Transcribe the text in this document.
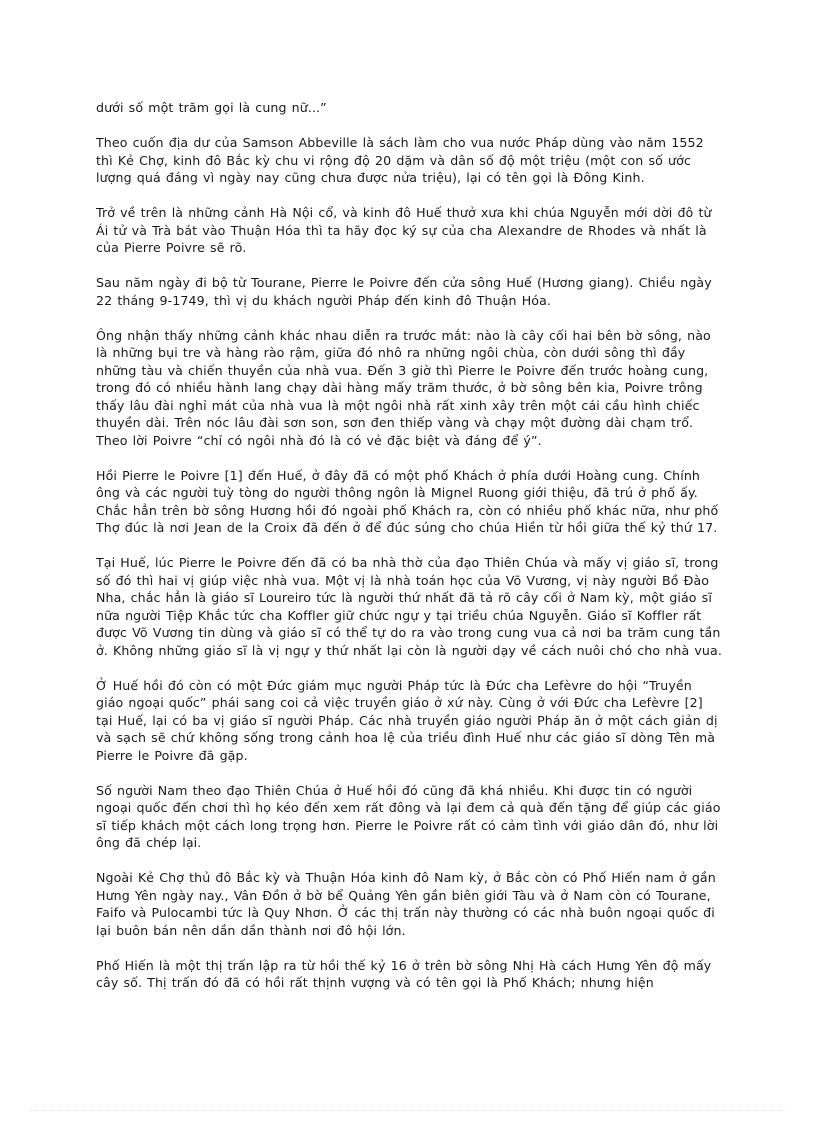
dưới số một trăm gọi là cung nữ...”

Theo cuốn địa dư của Samson Abbeville là sách làm cho vua nước Pháp dùng vào năm 1552 thì Kẻ Chợ, kinh đô Bắc kỳ chu vi rộng độ 20 dặm và dân số độ một triệu (một con số ước lượng quá đáng vì ngày nay cũng chưa được nửa triệu), lại có tên gọi là Đông Kinh.

Trở về trên là những cảnh Hà Nội cổ, và kinh đô Huế thưở xưa khi chúa Nguyễn mới dời đô từ Ái tử và Trà bát vào Thuận Hóa thì ta hãy đọc ký sự của cha Alexandre de Rhodes và nhất là của Pierre Poivre sẽ rõ.

Sau năm ngày đi bộ từ Tourane, Pierre le Poivre đến cửa sông Huế (Hương giang). Chiều ngày 22 tháng 9-1749, thì vị du khách người Pháp đến kinh đô Thuận Hóa.

Ông nhận thấy những cảnh khác nhau diễn ra trước mắt: nào là cây cối hai bên bờ sông, nào là những bụi tre và hàng rào rậm, giữa đó nhô ra những ngôi chùa, còn dưới sông thì đầy những tàu và chiến thuyền của nhà vua. Đến 3 giờ thì Pierre le Poivre đến trước hoàng cung, trong đó có nhiều hành lang chạy dài hàng mấy trăm thước, ở bờ sông bên kia, Poivre trông thấy lâu đài nghỉ mát của nhà vua là một ngôi nhà rất xinh xây trên một cái cầu hình chiếc thuyền dài. Trên nóc lâu đài sơn son, sơn đen thiếp vàng và chạy một đường dài chạm trổ. Theo lời Poivre “chỉ có ngôi nhà đó là có vẻ đặc biệt và đáng để ý”.

Hồi Pierre le Poivre [1] đến Huế, ở đây đã có một phố Khách ở phía dưới Hoàng cung. Chính ông và các người tuỳ tòng do người thông ngôn là Mignel Ruong giới thiệu, đã trú ở phố ấy. Chắc hẳn trên bờ sông Hương hồi đó ngoài phố Khách ra, còn có nhiều phố khác nữa, như phố Thợ đúc là nơi Jean de la Croix đã đến ở để đúc súng cho chúa Hiền từ hồi giữa thế kỷ thứ 17.

Tại Huế, lúc Pierre le Poivre đến đã có ba nhà thờ của đạo Thiên Chúa và mấy vị giáo sĩ, trong số đó thì hai vị giúp việc nhà vua. Một vị là nhà toán học của Võ Vương, vị này người Bồ Đào Nha, chắc hẳn là giáo sĩ Loureiro tức là người thứ nhất đã tả rõ cây cối ở Nam kỳ, một giáo sĩ nữa người Tiệp Khắc tức cha Koffler giữ chức ngự y tại triều chúa Nguyễn. Giáo sĩ Koffler rất được Võ Vương tin dùng và giáo sĩ có thể tự do ra vào trong cung vua cả nơi ba trăm cung tần ở. Không những giáo sĩ là vị ngự y thứ nhất lại còn là người dạy về cách nuôi chó cho nhà vua.

Ở Huế hồi đó còn có một Đức giám mục người Pháp tức là Đức cha Lefèvre do hội “Truyền giáo ngoại quốc” phái sang coi cả việc truyền giáo ở xứ này. Cùng ở với Đức cha Lefèvre [2] tại Huế, lại có ba vị giáo sĩ người Pháp. Các nhà truyền giáo người Pháp ăn ở một cách giản dị và sạch sẽ chứ không sống trong cảnh hoa lệ của triều đình Huế như các giáo sĩ dòng Tên mà Pierre le Poivre đã gặp.

Số người Nam theo đạo Thiên Chúa ở Huế hồi đó cũng đã khá nhiều. Khi được tin có người ngoại quốc đến chơi thì họ kéo đến xem rất đông và lại đem cả quà đến tặng để giúp các giáo sĩ tiếp khách một cách long trọng hơn. Pierre le Poivre rất có cảm tình với giáo dân đó, như lời ông đã chép lại.

Ngoài Kẻ Chợ thủ đô Bắc kỳ và Thuận Hóa kinh đô Nam kỳ, ở Bắc còn có Phố Hiến nam ở gần Hưng Yên ngày nay., Vân Đồn ở bờ bể Quảng Yên gần biên giới Tàu và ở Nam còn có Tourane, Faifo và Pulocambi tức là Quy Nhơn. Ở các thị trấn này thường có các nhà buôn ngoại quốc đi lại buôn bán nên dần dần thành nơi đô hội lớn.

Phố Hiến là một thị trấn lập ra từ hồi thế kỷ 16 ở trên bờ sông Nhị Hà cách Hưng Yên độ mấy cây số. Thị trấn đó đã có hồi rất thịnh vượng và có tên gọi là Phố Khách; nhưng hiện
